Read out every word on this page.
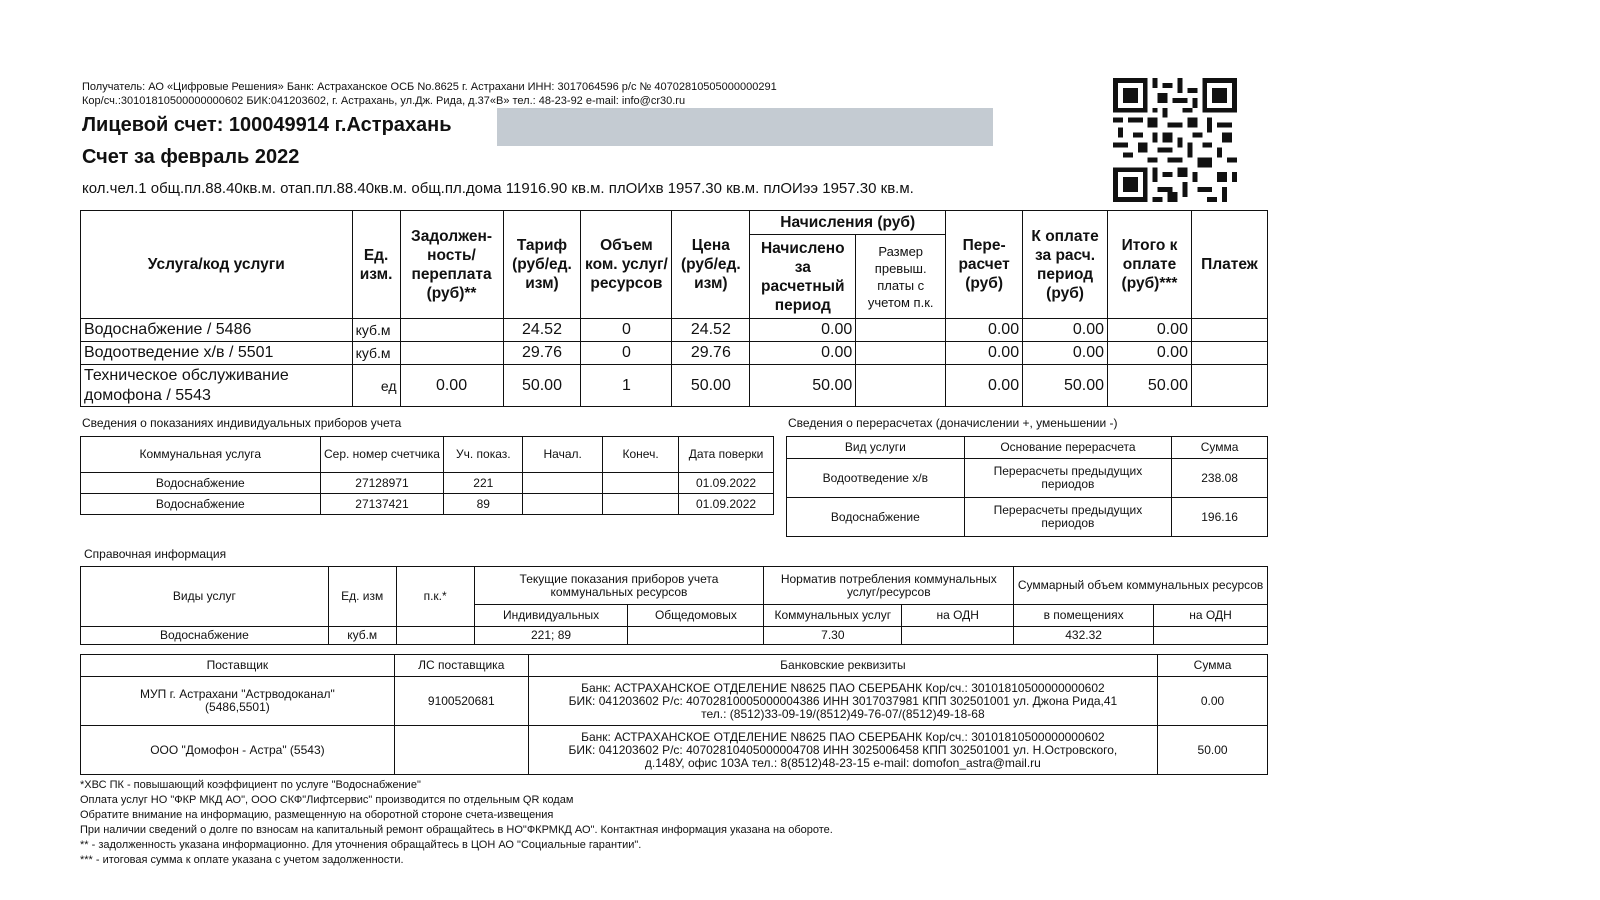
Получатель: АО «Цифровые Решения» Банк: Астраханское ОСБ No.8625 г. Астрахани ИНН: 3017064596 р/с № 40702810505000000291
Кор/сч.:30101810500000000602 БИК:041203602, г. Астрахань, ул.Дж. Рида, д.37«В» тел.: 48-23-92 e-mail: info@cr30.ru
Лицевой счет: 100049914 г.Астрахань
Счет за февраль 2022
кол.чел.1 общ.пл.88.40кв.м. отап.пл.88.40кв.м. общ.пл.дома 11916.90 кв.м. плОИхв 1957.30 кв.м. плОИээ 1957.30 кв.м.
Услуга/код услуги	Ед. изм.	Задолжен-ность/ переплата (руб)**	Тариф (руб/ед. изм)	Объем ком. услуг/ ресурсов	Цена (руб/ед. изм)	Начисления (руб)		Пере-расчет (руб)	К оплате за расч. период (руб)	Итого к оплате (руб)***	Платеж
						Начислено за расчетный период	Размер превыш. платы с учетом п.к.				
Водоснабжение / 5486	куб.м		24.52	0	24.52	0.00		0.00	0.00	0.00	
Водоотведение х/в / 5501	куб.м		29.76	0	29.76	0.00		0.00	0.00	0.00	
Техническое обслуживание домофона / 5543	ед	0.00	50.00	1	50.00	50.00		0.00	50.00	50.00	
Сведения о показаниях индивидуальных приборов учета
Коммунальная услуга	Сер. номер счетчика	Уч. показ.	Начал.	Конеч.	Дата поверки
Водоснабжение	27128971	221			01.09.2022
Водоснабжение	27137421	89			01.09.2022
Сведения о перерасчетах (доначислении +, уменьшении -)
Вид услуги	Основание перерасчета	Сумма
Водоотведение х/в	Перерасчеты предыдущих периодов	238.08
Водоснабжение	Перерасчеты предыдущих периодов	196.16
Справочная информация
Виды услуг	Ед. изм	п.к.*	Текущие показания приборов учета коммунальных ресурсов		Норматив потребления коммунальных услуг/ресурсов		Суммарный объем коммунальных ресурсов	
			Индивидуальных	Общедомовых	Коммунальных услуг	на ОДН	в помещениях	на ОДН
Водоснабжение	куб.м		221; 89		7.30		432.32	
Поставщик	ЛС поставщика	Банковские реквизиты	Сумма
МУП г. Астрахани "Астрводоканал" (5486,5501)	9100520681	Банк: АСТРАХАНСКОЕ ОТДЕЛЕНИЕ N8625 ПАО СБЕРБАНК Кор/сч.: 30101810500000000602
БИК: 041203602 Р/с: 40702810005000004386 ИНН 3017037981 КПП 302501001 ул. Джона Рида,41
тел.: (8512)33-09-19/(8512)49-76-07/(8512)49-18-68	0.00
ООО "Домофон - Астра" (5543)		Банк: АСТРАХАНСКОЕ ОТДЕЛЕНИЕ N8625 ПАО СБЕРБАНК Кор/сч.: 30101810500000000602
БИК: 041203602 Р/с: 40702810405000004708 ИНН 3025006458 КПП 302501001 ул. Н.Островского,
д.148У, офис 103А тел.: 8(8512)48-23-15 e-mail: domofon_astra@mail.ru	50.00
*ХВС ПК - повышающий коэффициент по услуге "Водоснабжение"
Оплата услуг НО "ФКР МКД АО", ООО СКФ"Лифтсервис" производится по отдельным QR кодам
Обратите внимание на информацию, размещенную на оборотной стороне счета-извещения
При наличии сведений о долге по взносам на капитальный ремонт обращайтесь в НО"ФКРМКД АО". Контактная информация указана на обороте.
** - задолженность указана информационно. Для уточнения обращайтесь в ЦОН АО "Социальные гарантии".
*** - итоговая сумма к оплате указана с учетом задолженности.
